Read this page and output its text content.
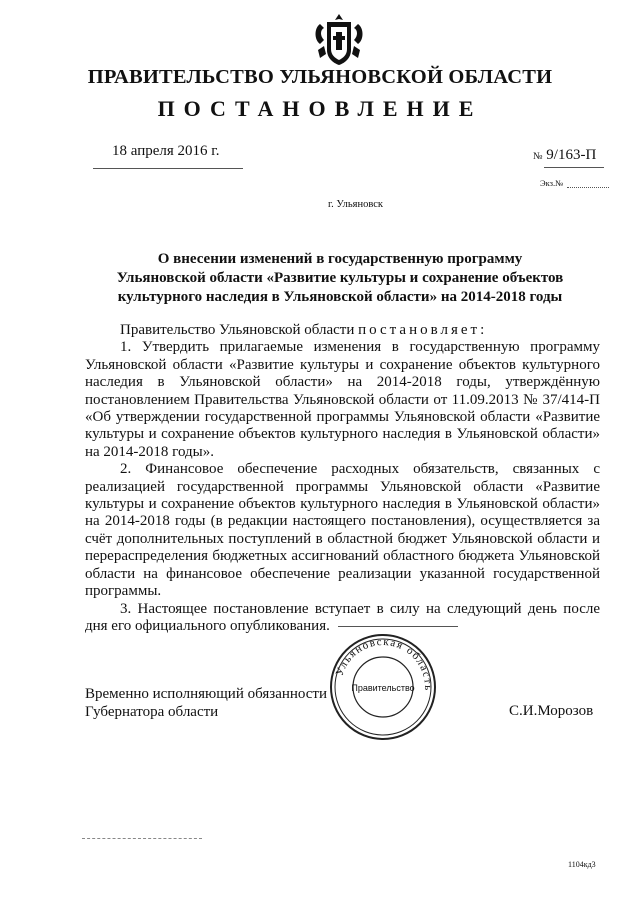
ПРАВИТЕЛЬСТВО УЛЬЯНОВСКОЙ ОБЛАСТИ
ПОСТАНОВЛЕНИЕ
18 апреля 2016 г.	№ 9/163-П
Экз.№
г. Ульяновск
О внесении изменений в государственную программу
Ульяновской области «Развитие культуры и сохранение объектов
культурного наследия в Ульяновской области» на 2014-2018 годы

Правительство Ульяновской области постановляет:

1. Утвердить прилагаемые изменения в государственную программу Ульяновской области «Развитие культуры и сохранение объектов культурного наследия в Ульяновской области» на 2014-2018 годы, утверждённую постановлением Правительства Ульяновской области от 11.09.2013 № 37/414-П «Об утверждении государственной программы Ульяновской области «Развитие культуры и сохранение объектов культурного наследия в Ульяновской области» на 2014-2018 годы».

2. Финансовое обеспечение расходных обязательств, связанных с реализацией государственной программы Ульяновской области «Развитие культуры и сохранение объектов культурного наследия в Ульяновской области» на 2014-2018 годы (в редакции настоящего постановления), осуществляется за счёт дополнительных поступлений в областной бюджет Ульяновской области и перераспределения бюджетных ассигнований областного бюджета Ульяновской области на финансовое обеспечение реализации указанной государственной программы.

3. Настоящее постановление вступает в силу на следующий день после дня его официального опубликования.

Ульяновская область
Правительство
Временно исполняющий обязанности
Губернатора области	С.И.Морозов
1104кд3
